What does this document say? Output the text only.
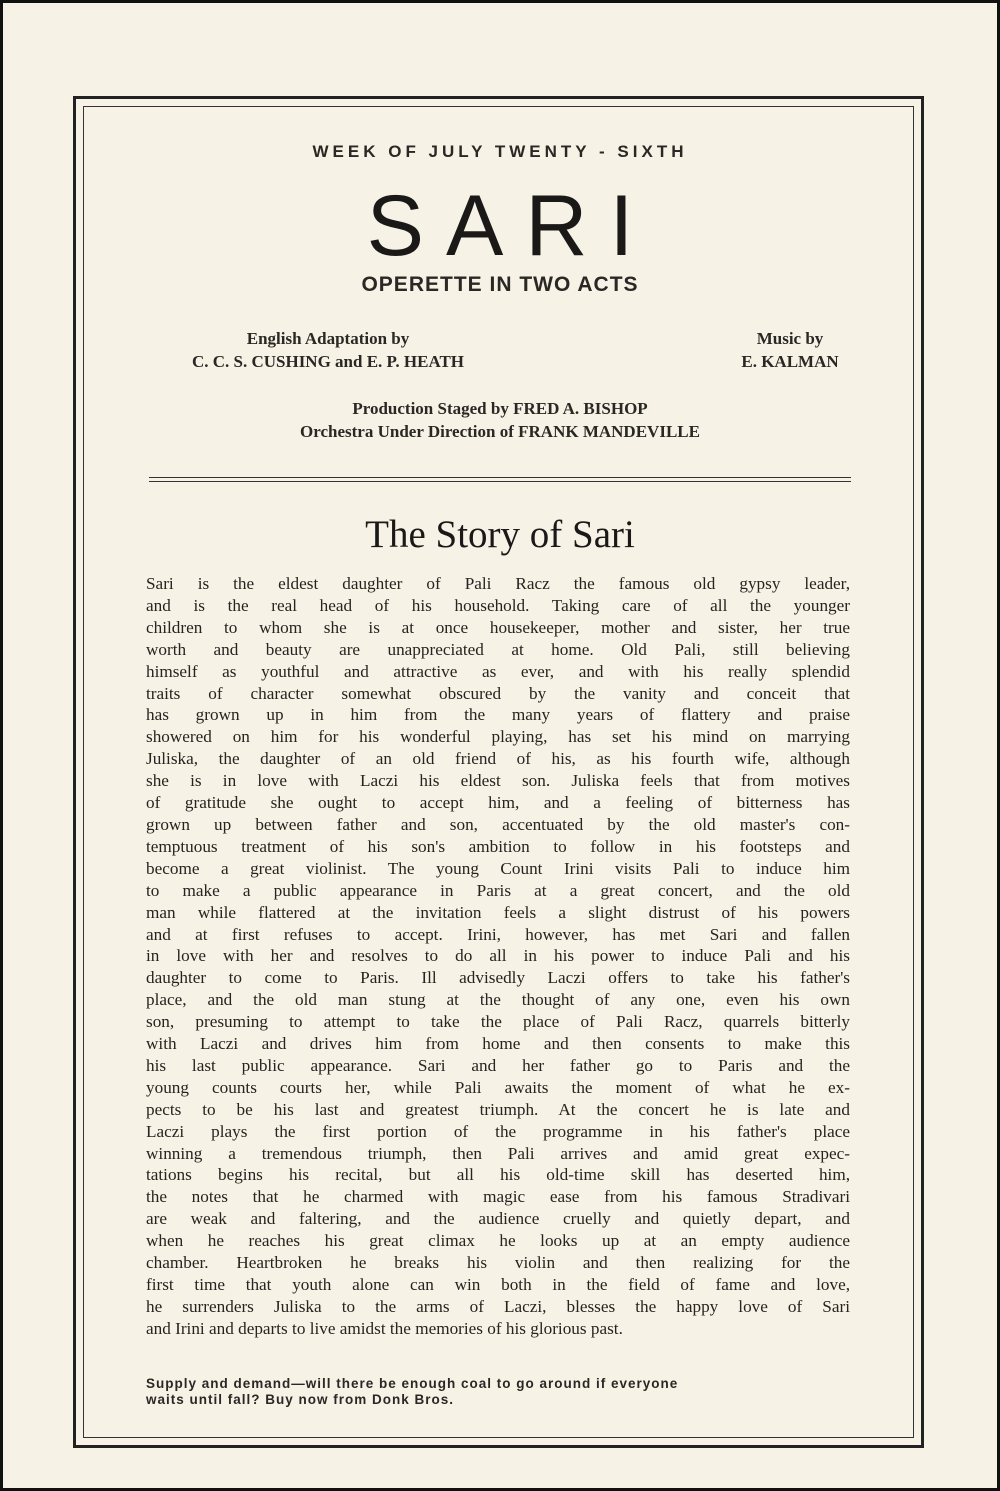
WEEK OF JULY TWENTY - SIXTH
SARI
OPERETTE IN TWO ACTS
English Adaptation by
C. C. S. CUSHING and E. P. HEATH
Music by
E. KALMAN
Production Staged by FRED A. BISHOP
Orchestra Under Direction of FRANK MANDEVILLE
The Story of Sari
Sari is the eldest daughter of Pali Racz the famous old gypsy leader,
and is the real head of his household. Taking care of all the younger
children to whom she is at once housekeeper, mother and sister, her true
worth and beauty are unappreciated at home. Old Pali, still believing
himself as youthful and attractive as ever, and with his really splendid
traits of character somewhat obscured by the vanity and conceit that
has grown up in him from the many years of flattery and praise
showered on him for his wonderful playing, has set his mind on marrying
Juliska, the daughter of an old friend of his, as his fourth wife, although
she is in love with Laczi his eldest son. Juliska feels that from motives
of gratitude she ought to accept him, and a feeling of bitterness has
grown up between father and son, accentuated by the old master's con-
temptuous treatment of his son's ambition to follow in his footsteps and
become a great violinist. The young Count Irini visits Pali to induce him
to make a public appearance in Paris at a great concert, and the old
man while flattered at the invitation feels a slight distrust of his powers
and at first refuses to accept. Irini, however, has met Sari and fallen
in love with her and resolves to do all in his power to induce Pali and his
daughter to come to Paris. Ill advisedly Laczi offers to take his father's
place, and the old man stung at the thought of any one, even his own
son, presuming to attempt to take the place of Pali Racz, quarrels bitterly
with Laczi and drives him from home and then consents to make this
his last public appearance. Sari and her father go to Paris and the
young counts courts her, while Pali awaits the moment of what he ex-
pects to be his last and greatest triumph. At the concert he is late and
Laczi plays the first portion of the programme in his father's place
winning a tremendous triumph, then Pali arrives and amid great expec-
tations begins his recital, but all his old-time skill has deserted him,
the notes that he charmed with magic ease from his famous Stradivari
are weak and faltering, and the audience cruelly and quietly depart, and
when he reaches his great climax he looks up at an empty audience
chamber. Heartbroken he breaks his violin and then realizing for the
first time that youth alone can win both in the field of fame and love,
he surrenders Juliska to the arms of Laczi, blesses the happy love of Sari
and Irini and departs to live amidst the memories of his glorious past.
Supply and demand—will there be enough coal to go around if everyone
waits until fall? Buy now from Donk Bros.
